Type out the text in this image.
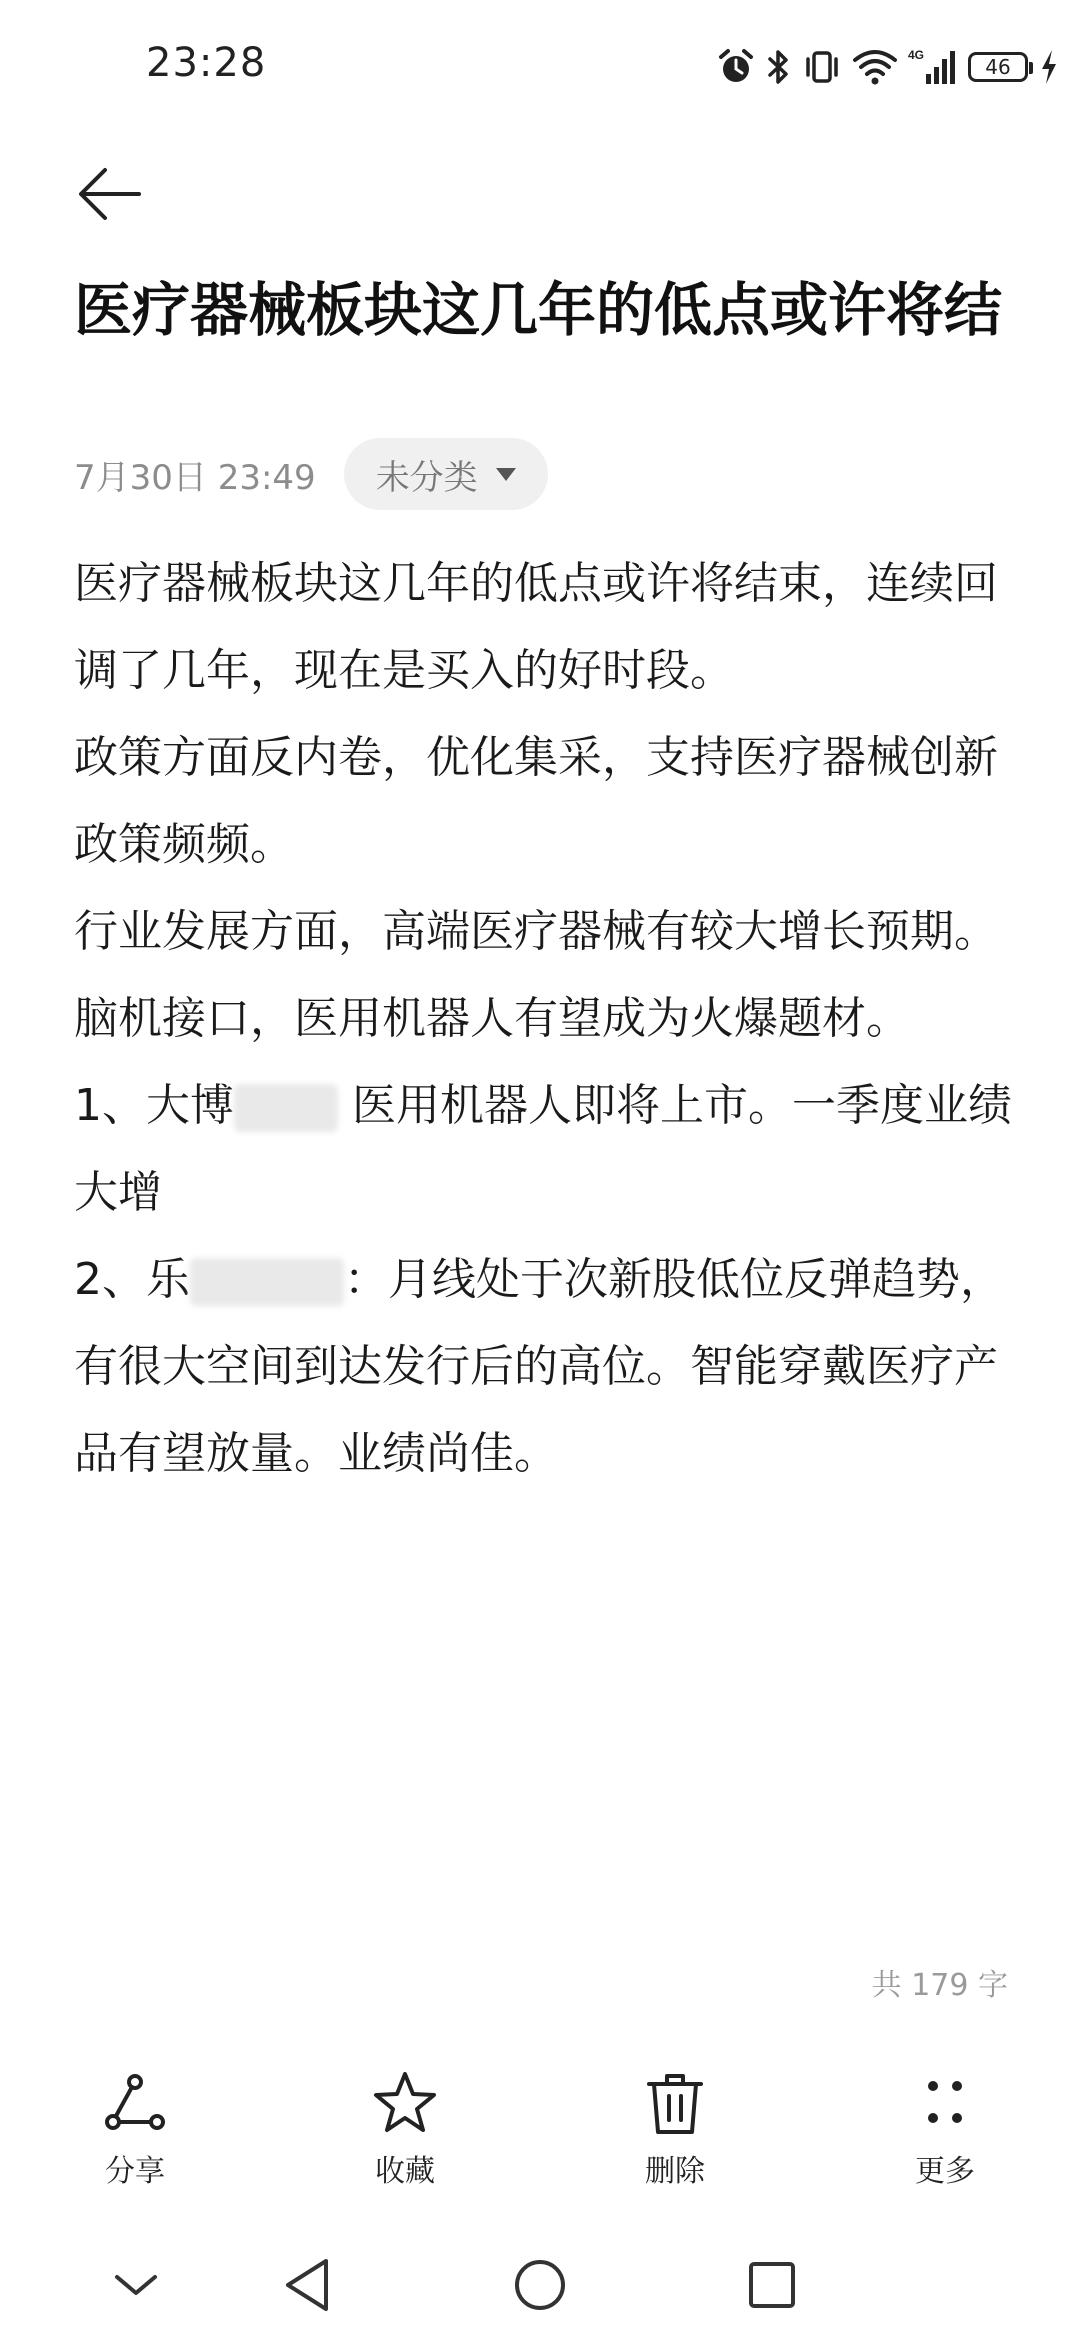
23:28	4G	46
医疗器械板块这几年的低点或许将结
7月30日 23:49 未分类

医疗器械板块这几年的低点或许将结束，连续回调了几年，现在是买入的好时段。

政策方面反内卷，优化集采，支持医疗器械创新政策频频。

行业发展方面，高端医疗器械有较大增长预期。脑机接口，医用机器人有望成为火爆题材。

1、大博	医用机器人即将上市。一季度业绩大增

2、乐	：月线处于次新股低位反弹趋势，有很大空间到达发行后的高位。智能穿戴医疗产品有望放量。业绩尚佳。

共 179 字
分享	收藏	删除	更多
